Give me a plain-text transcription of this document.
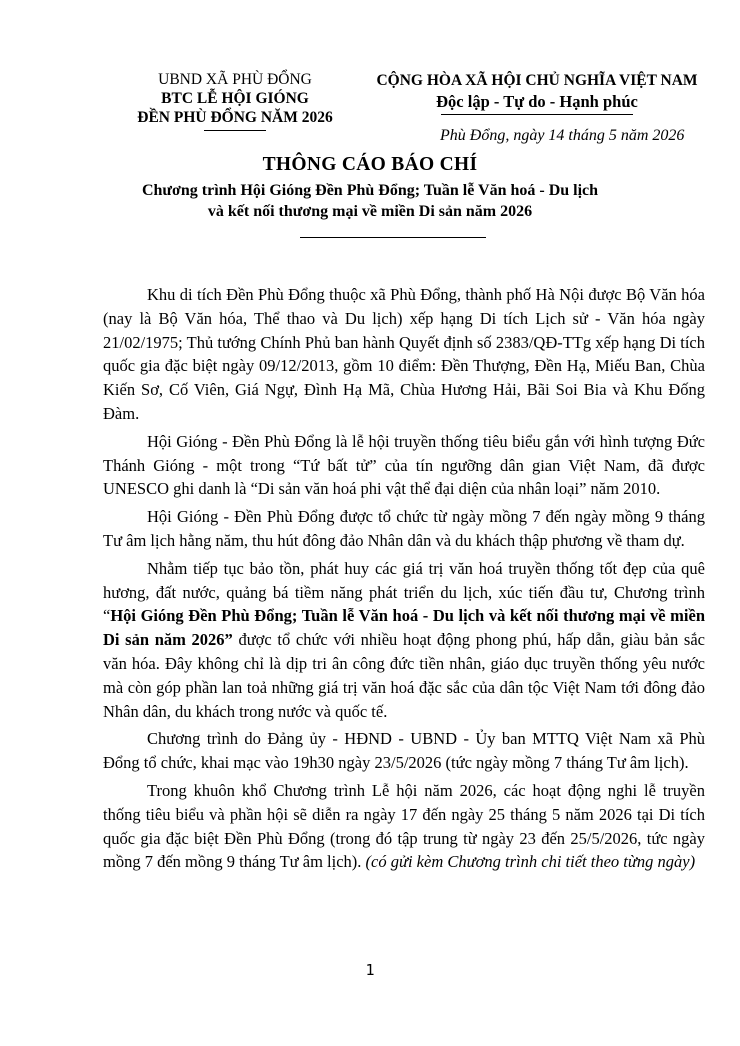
UBND XÃ PHÙ ĐỔNG
BTC LỄ HỘI GIÓNG
ĐỀN PHÙ ĐỔNG NĂM 2026
CỘNG HÒA XÃ HỘI CHỦ NGHĨA VIỆT NAM
Độc lập - Tự do - Hạnh phúc
Phù Đổng, ngày 14 tháng 5 năm 2026
THÔNG CÁO BÁO CHÍ
Chương trình Hội Gióng Đền Phù Đổng; Tuần lễ Văn hoá - Du lịch
và kết nối thương mại về miền Di sản năm 2026

Khu di tích Đền Phù Đổng thuộc xã Phù Đổng, thành phố Hà Nội được Bộ Văn hóa (nay là Bộ Văn hóa, Thể thao và Du lịch) xếp hạng Di tích Lịch sử - Văn hóa ngày 21/02/1975; Thủ tướng Chính Phủ ban hành Quyết định số 2383/QĐ-TTg xếp hạng Di tích quốc gia đặc biệt ngày 09/12/2013, gồm 10 điểm: Đền Thượng, Đền Hạ, Miếu Ban, Chùa Kiến Sơ, Cố Viên, Giá Ngự, Đình Hạ Mã, Chùa Hương Hải, Bãi Soi Bia và Khu Đống Đàm.

Hội Gióng - Đền Phù Đổng là lễ hội truyền thống tiêu biểu gắn với hình tượng Đức Thánh Gióng - một trong “Tứ bất tử” của tín ngưỡng dân gian Việt Nam, đã được UNESCO ghi danh là “Di sản văn hoá phi vật thể đại diện của nhân loại” năm 2010.

Hội Gióng - Đền Phù Đổng được tổ chức từ ngày mồng 7 đến ngày mồng 9 tháng Tư âm lịch hằng năm, thu hút đông đảo Nhân dân và du khách thập phương về tham dự.

Nhằm tiếp tục bảo tồn, phát huy các giá trị văn hoá truyền thống tốt đẹp của quê hương, đất nước, quảng bá tiềm năng phát triển du lịch, xúc tiến đầu tư, Chương trình “Hội Gióng Đền Phù Đổng; Tuần lễ Văn hoá - Du lịch và kết nối thương mại về miền Di sản năm 2026” được tổ chức với nhiều hoạt động phong phú, hấp dẫn, giàu bản sắc văn hóa. Đây không chỉ là dịp tri ân công đức tiền nhân, giáo dục truyền thống yêu nước mà còn góp phần lan toả những giá trị văn hoá đặc sắc của dân tộc Việt Nam tới đông đảo Nhân dân, du khách trong nước và quốc tế.

Chương trình do Đảng ủy - HĐND - UBND - Ủy ban MTTQ Việt Nam xã Phù Đổng tổ chức, khai mạc vào 19h30 ngày 23/5/2026 (tức ngày mồng 7 tháng Tư âm lịch).

Trong khuôn khổ Chương trình Lễ hội năm 2026, các hoạt động nghi lễ truyền thống tiêu biểu và phần hội sẽ diễn ra ngày 17 đến ngày 25 tháng 5 năm 2026 tại Di tích quốc gia đặc biệt Đền Phù Đổng (trong đó tập trung từ ngày 23 đến 25/5/2026, tức ngày mồng 7 đến mồng 9 tháng Tư âm lịch). (có gửi kèm Chương trình chi tiết theo từng ngày)

1
